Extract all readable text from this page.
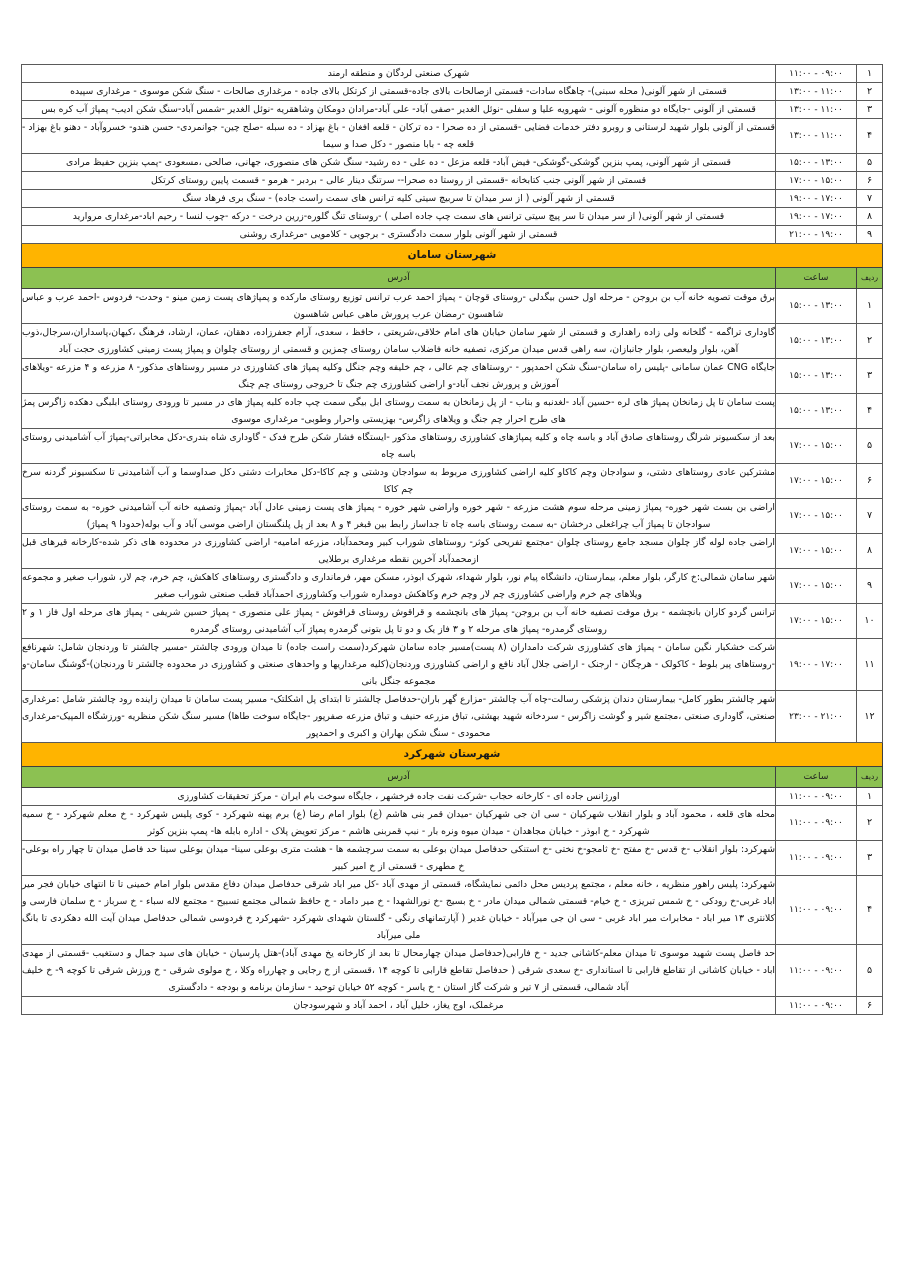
۱	۰۹:۰۰ - ۱۱:۰۰	شهرک صنعتی لردگان و منطقه ارمند
۲	۱۱:۰۰ - ۱۳:۰۰	قسمتی از شهر آلونی( محله سبنی)- چاهگاه سادات- قسمتی ازصالحات بالای جاده-قسمتی از کرتکل بالای جاده - مرغداری صالحات - سنگ شکن موسوی - مرغداری سپیده
۳	۱۱:۰۰ - ۱۳:۰۰	قسمتی از آلونی -جایگاه دو منظوره آلونی - شهرویه علیا و سفلی -نوئل الغدیر -صفی آباد- علی آباد-مرادان دومکان وشاهقریه -نوئل الغدیر -شمس آباد-سنگ شکن ادیب- پمپاژ آب کره بس
۴	۱۱:۰۰ - ۱۳:۰۰	قسمتی از آلونی بلوار شهید لرستانی و روبرو دفتر خدمات فضایی -قسمتی از ده صحرا - ده ترکان - قلعه افغان - باغ بهزاد - ده سبله -صلح چین- جوانمردی- حسن هندو- خسروآباد - دهنو باغ بهزاد - قلعه چه - بابا منصور - دکل صدا و سیما
۵	۱۳:۰۰ - ۱۵:۰۰	قسمتی از شهر آلونی، پمپ بنزین گوشکی-گوشکی- فیض آباد- قلعه مزعل - ده علی - ده رشید- سنگ شکن های منصوری، جهانی، صالحی ،مسعودی -پمپ بنزین حفیظ مرادی
۶	۱۵:۰۰ - ۱۷:۰۰	قسمتی از شهر آلونی جنب کتابخانه -قسمتی از روستا ده صحرا-- سرتنگ دینار عالی - بردبر - هرمو - قسمت پایین روستای کرتکل
۷	۱۷:۰۰ - ۱۹:۰۰	قسمتی از شهر آلونی ( از سر میدان تا سربیچ سیتی کلیه ترانس های سمت راست جاده) - سنگ بری فرهاد سنگ
۸	۱۷:۰۰ - ۱۹:۰۰	قسمتی از شهر آلونی( از سر میدان تا سر پیچ سیتی ترانس های سمت چپ جاده اصلی ) -روستای تنگ گلوره-زرین درخت - درکه -چوب لنسا - رحیم اباد-مرغداری مروارید
۹	۱۹:۰۰ - ۲۱:۰۰	قسمتی از شهر آلونی بلوار سمت دادگستری - برجویی - کلامویی -مرغداری روشنی
شهرستان سامان		
ردیف	ساعت	آدرس
۱	۱۳:۰۰ - ۱۵:۰۰	برق موقت تصویه خانه آب بن بروجن - مرحله اول حسن بیگدلی -روستای قوچان - پمپاژ احمد عرب ترانس توزیع روستای مارکده و پمپاژهای پست زمین مینو - وحدت- فردوس -احمد عرب و عباس شاهسون -رمضان عرب پرورش ماهی عباس شاهسون
۲	۱۳:۰۰ - ۱۵:۰۰	گاوداری تراگمه - گلخانه ولی زاده راهداری و قسمتی از شهر سامان خیابان های امام خلاقی،شریعتی ، حافظ ، سعدی، آرام جعفرزاده، دهقان، عمان، ارشاد، فرهنگ ،کیهان،پاسداران،سرجال،ذوب آهن، بلوار ولیعصر، بلوار جانبازان، سه راهی قدس میدان مرکزی، تصفیه خانه فاضلاب سامان روستای چمزین و قسمتی از روستای چلوان و پمپاژ پست زمینی کشاورزی حجت آباد
۳	۱۳:۰۰ - ۱۵:۰۰	جایگاه CNG عمان سامانی -پلیس راه سامان-سنگ شکن احمدپور - -روستاهای چم عالی ، چم خلیفه وچم جنگل وکلیه پمپاژ های کشاورزی در مسیر روستاهای مذکور- ۸ مزرعه و ۴ مزرعه -ویلاهای آموزش و پرورش نجف آباد-و اراضی کشاورزی چم جنگ تا خروجی روستای چم چنگ
۴	۱۳:۰۰ - ۱۵:۰۰	پست سامان تا پل زمانخان پمپاژ های لره -حسین آباد -لغدنبه و بناب - از پل زمانخان به سمت روستای ابل بیگی سمت چپ جاده کلبه پمپاژ های در مسیر تا ورودی روستای ابلبگی دهکده زاگرس پمژ های طرح احرار چم جنگ و ویلاهای زاگرس- بهزیستی واحرار وطوبی- مرغداری موسوی
۵	۱۵:۰۰ - ۱۷:۰۰	بعد از سکسیونر شرلگ روستاهای صادق آباد و باسه چاه و کلیه پمپاژهای کشاورزی روستاهای مذکور -ایستگاه فشار شکن طرح فدک - گاوداری شاه بندری-دکل مخابراتی-پمپاژ آب آشامیدنی روستای باسه چاه
۶	۱۵:۰۰ - ۱۷:۰۰	مشترکین عادی روستاهای دشتی، و سوادجان وچم کاکاو کلیه اراضی کشاورزی مربوط به سوادجان ودشتی و چم کاکا-دکل مخابرات دشتی دکل صداوسما و آب آشامیدنی تا سکسیونر گردنه سرخ چم کاکا
۷	۱۵:۰۰ - ۱۷:۰۰	اراضی بن بست شهر خوره- پمپاژ زمینی مرحله سوم هشت مزرعه - شهر خوره واراضی شهر خوره - پمپاژ های پست زمینی عادل آباد -پمپاژ وتصفیه خانه آب آشامیدنی خوره- به سمت روستای سوادجان تا پمپاژ آب چراغعلی درخشان -به سمت روستای باسه چاه تا جداساز رابط بین قبغر ۴ و ۸ بعد از پل پلنگستان اراضی موسی آباد و آب بوله(حدودا ۹ پمپاژ)
۸	۱۵:۰۰ - ۱۷:۰۰	اراضی جاده لوله گاز چلوان مسجد جامع روستای چلوان -مجتمع تفریحی کوثر- روستاهای شوراب کبیر ومحمدآباد، مزرعه امامیه- اراضی کشاورزی در محدوده های ذکر شده-کارخانه قیرهای قبل ازمحمدآباد آخرین نقطه مرغداری برطلایی
۹	۱۵:۰۰ - ۱۷:۰۰	شهر سامان شمالی:خ کارگر، بلوار معلم، بیمارستان، دانشگاه پیام نور، بلوار شهداء، شهرک ابوذر، مسکن مهر، فرمانداری و دادگستری روستاهای کاهکش، چم خرم، چم لار، شوراب صغیر و مجموعه ویلاهای چم خرم واراضی کشاورزی چم لار وچم خرم وکاهکش دومداره شوراب وکشاورزی احمدآباد قطب صنعتی شوراب صغیر
۱۰	۱۵:۰۰ - ۱۷:۰۰	ترانس گردو کاران بانچشمه - برق موقت تصفیه خانه آب بن بروجن- پمپاژ های بانچشمه و قراقوش روستای قراقوش - پمپاژ علی منصوری - پمپاژ حسین شریفی - پمپاژ های مرحله اول فاز ۱ و ۲ روستای گرمدره- پمپاژ های مرحله ۲ و ۳ فاز یک و دو تا پل بتونی گرمدره پمپاژ آب آشامیدنی روستای گرمدره
۱۱	۱۷:۰۰ - ۱۹:۰۰	شرکت خشکبار نگین سامان - پمپاژ های کشاورزی شرکت دامداران (۸ پست)مسیر جاده سامان شهرکرد(سمت راست جاده) تا میدان ورودی چالشتر -مسیر چالشتر تا وردنجان شامل: شهرنافع -روستاهای پیر بلوط - کاکولک - هرچگان - ارجنک - اراضی جلال آباد نافع و اراضی کشاورزی وردنجان(کلیه مرغداریها و واحدهای صنعتی و کشاورزی در محدوده چالشتر تا وردنجان)-گوشنگ سامان-و مجموعه جنگل بانی
۱۲	۲۱:۰۰ - ۲۳:۰۰	شهر چالشتر بطور کامل- بیمارستان دندان پزشکی رسالت-چاه آب چالشتر -مزارع گهر باران-حدفاصل چالشتر تا ابتدای پل اشکلتک- مسیر پست سامان تا میدان زاینده رود چالشتر شامل :مرغداری صنعتی، گاوداری صنعتی ،مجتمع شیر و گوشت زاگرس - سردخانه شهید بهشتی، تباق مزرعه حنیف و تباق مزرعه صفرپور -جایگاه سوخت طاها) مسیر سنگ شکن منظریه -ورزشگاه المپیک-مرغداری محمودی - سنگ شکن بهاران و اکبری و احمدپور
شهرستان شهرکرد		
ردیف	ساعت	آدرس
۱	۰۹:۰۰ - ۱۱:۰۰	اورژانس جاده ای - کارخانه حجاب -شرکت نفت جاده فرخشهر ، جایگاه سوخت بام ایران - مرکز تحقیقات کشاورزی
۲	۰۹:۰۰ - ۱۱:۰۰	محله های قلعه ، محمود آباد و بلوار انقلاب شهرکیان - سی ان جی شهرکیان -میدان قمر بنی هاشم (ع) بلوار امام رضا (ع) برم پهنه شهرکرد - کوی پلیس شهرکرد - خ معلم شهرکرد - خ سمیه شهرکرد - خ ابوذر - خیابان مجاهدان - میدان میوه ونره بار - نبپ قمربنی هاشم - مرکز تعویض پلاک - اداره بابله ها- پمپ بنزین کوثر
۳	۰۹:۰۰ - ۱۱:۰۰	شهرکرد: بلوار انقلاب -خ قدس -خ مفتح -خ ثامجو-خ نختی -خ استنکی حدفاصل میدان بوعلی به سمت سرچشمه ها - هشت متری بوعلی سینا- میدان بوعلی سینا حد فاصل میدان تا چهار راه بوعلی- خ مطهری - قسمتی از خ امیر کبیر
۴	۰۹:۰۰ - ۱۱:۰۰	شهرکرد: پلیس راهور منظریه ، خانه معلم ، مجتمع پردیس محل دائمی نمایشگاه، قسمتی از مهدی آباد -کل میر اباد شرقی حدفاصل میدان دفاع مقدس بلوار امام خمینی تا تا انتهای خیابان فجر میر اباد غربی-خ رودکی - خ شمس تبریزی - خ خیام- قسمتی شمالی میدان مادر - خ بسیج -خ نورالشهدا - خ میر داماد - خ حافظ شمالی مجتمع تسبیح - مجتمع لاله سباء - خ سرباز - خ سلمان فارسی و کلانتری ۱۳ میر اباد - مخابرات میر اباد غربی - سی ان جی میرآباد - خیابان غدیر ( آپارتمانهای رنگی - گلستان شهدای شهرکرد -شهرکرد خ فردوسی شمالی حدفاصل میدان آیت الله دهکردی تا بانگ ملی میرآباد
۵	۰۹:۰۰ - ۱۱:۰۰	حد فاصل پست شهید موسوی تا میدان معلم-کاشانی جدید - خ فارابی(حدفاصل میدان چهارمحال تا بعد از کارخانه یخ مهدی آباد)-هتل پارسیان - خیابان های سید جمال و دستغیب -قسمتی از مهدی اباد - خیابان کاشانی از تقاطع فارابی تا استانداری -خ سعدی شرقی ( حدفاصل تقاطع فارابی تا کوچه ۱۴ ،قسمتی از خ رجایی و چهارراه وکلا ، خ مولوی شرقی - خ ورزش شرقی تا کوچه ۹- خ خلیف آباد شمالی، قسمتی از ۷ تیر و شرکت گاز استان - خ یاسر - کوچه ۵۲ خیابان توحید - سازمان برنامه و بودجه - دادگستری
۶	۰۹:۰۰ - ۱۱:۰۰	مرغملک، اوج یغاز، خلیل آباد ، احمد آباد و شهرسودجان
